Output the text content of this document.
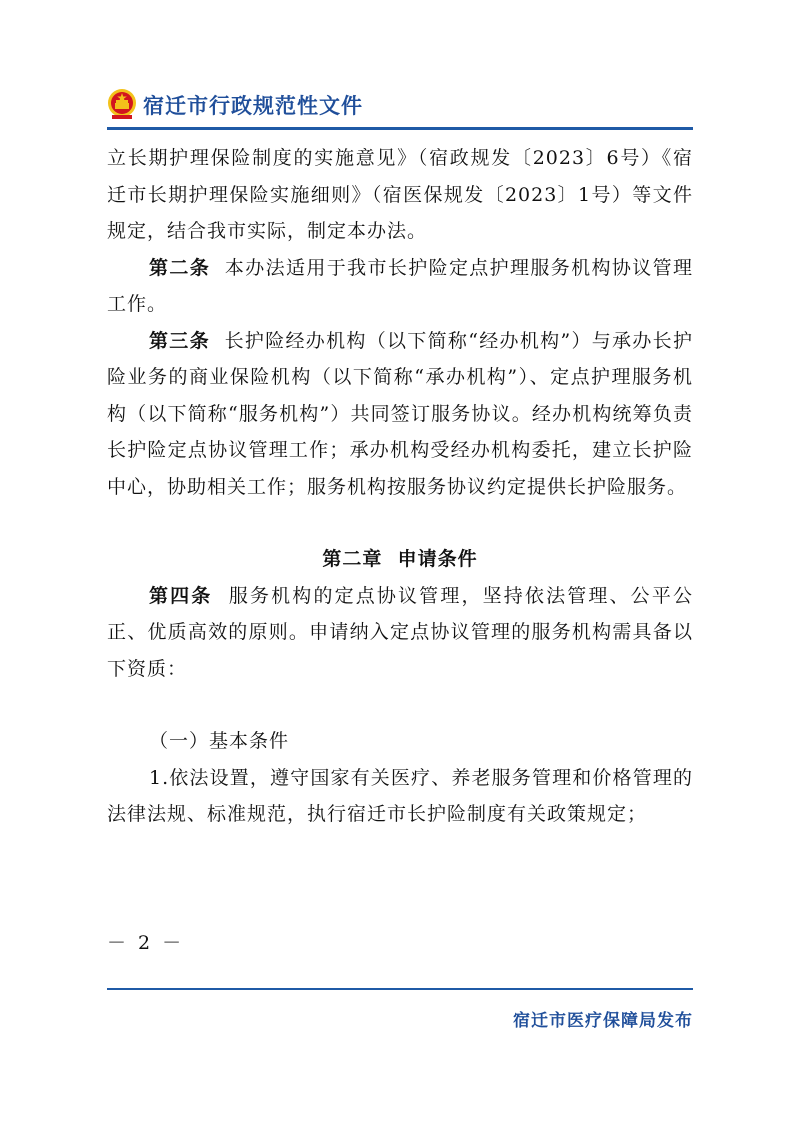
宿迁市行政规范性文件

立长期护理保险制度的实施意见》（宿政规发〔2023〕6号）《宿迁市长期护理保险实施细则》（宿医保规发〔2023〕1号）等文件规定，结合我市实际，制定本办法。

第二条 本办法适用于我市长护险定点护理服务机构协议管理工作。

第三条 长护险经办机构（以下简称“经办机构”）与承办长护险业务的商业保险机构（以下简称“承办机构”）、定点护理服务机构（以下简称“服务机构”）共同签订服务协议。经办机构统筹负责长护险定点协议管理工作；承办机构受经办机构委托，建立长护险中心，协助相关工作；服务机构按服务协议约定提供长护险服务。

第二章  申请条件

第四条 服务机构的定点协议管理，坚持依法管理、公平公正、优质高效的原则。申请纳入定点协议管理的服务机构需具备以下资质：

（一）基本条件

1.依法设置，遵守国家有关医疗、养老服务管理和价格管理的法律法规、标准规范，执行宿迁市长护险制度有关政策规定；

－ 2 －
宿迁市医疗保障局发布
